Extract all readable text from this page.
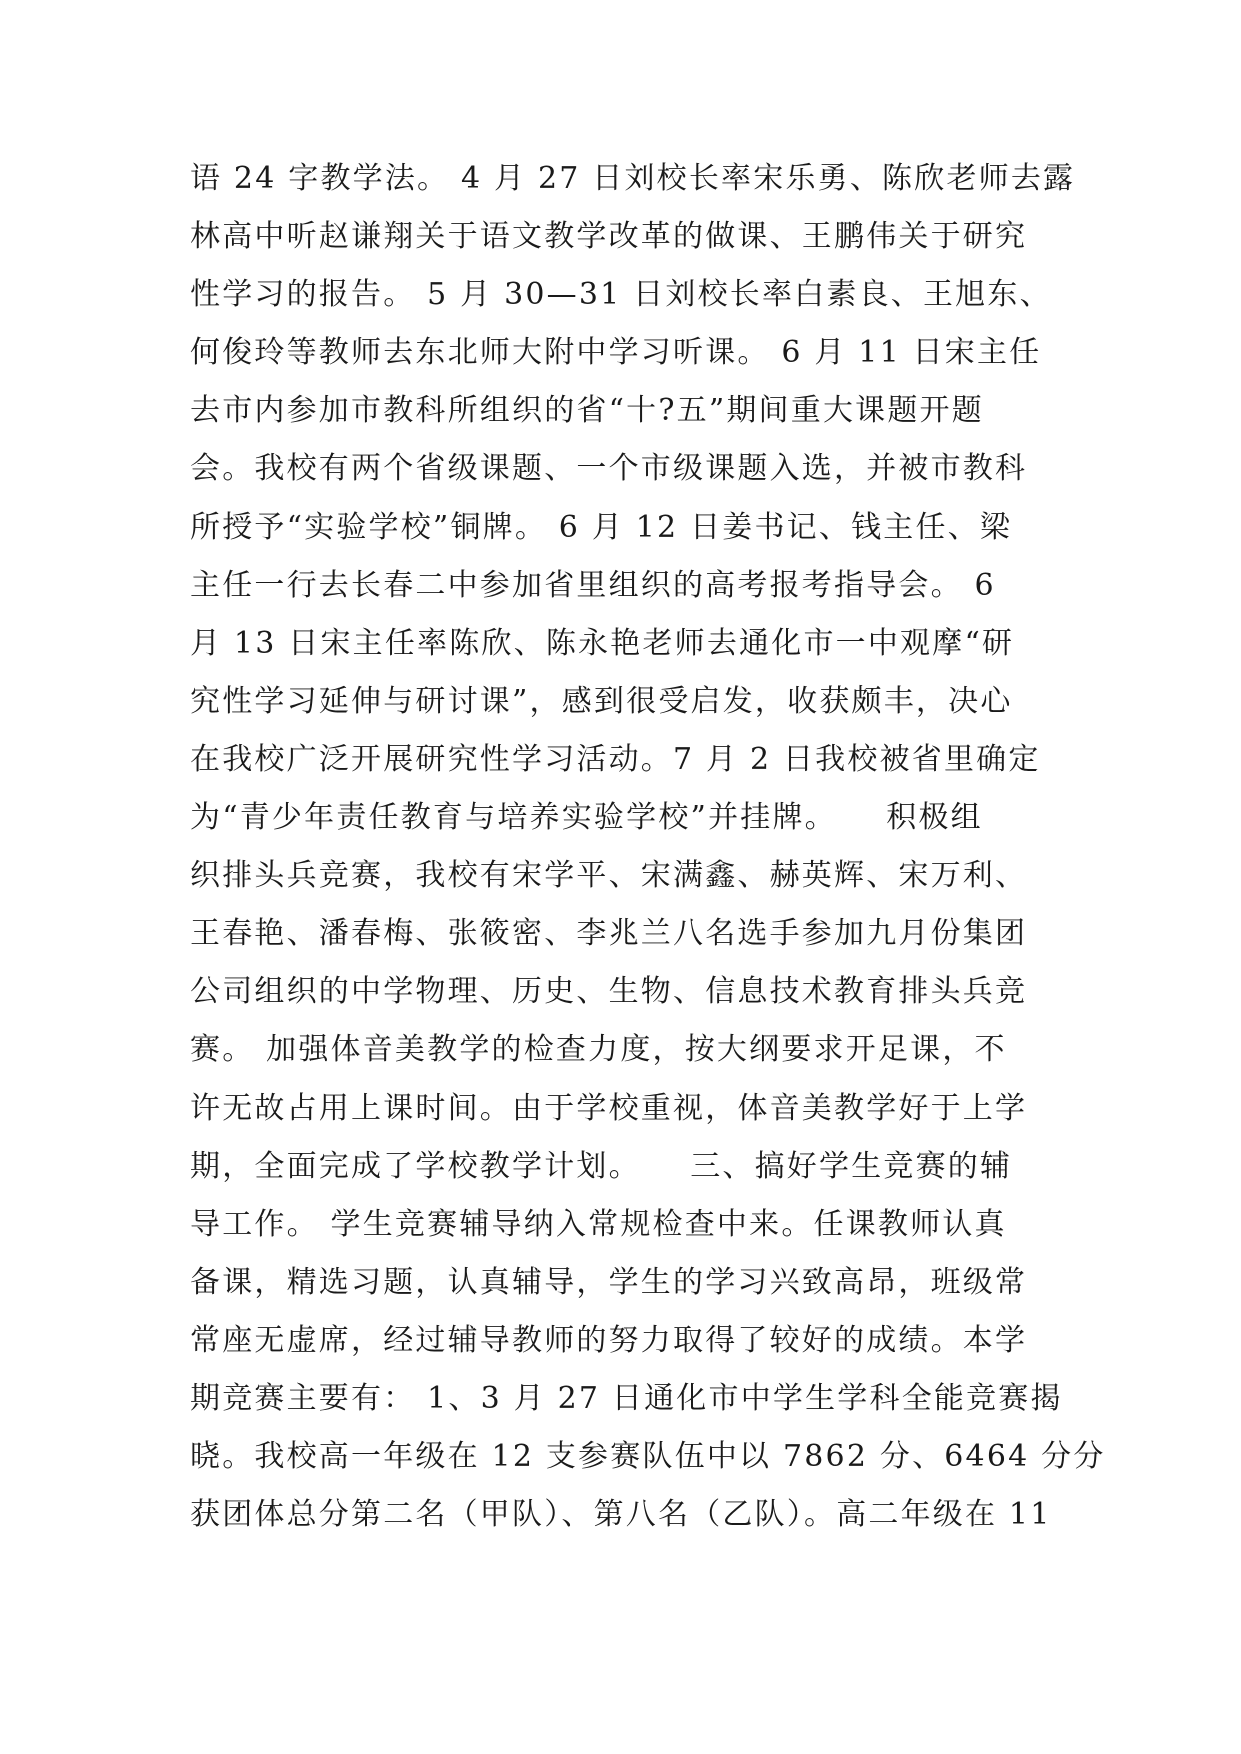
语 24 字教学法。 4 月 27 日刘校长率宋乐勇、陈欣老师去露
林高中听赵谦翔关于语文教学改革的做课、王鹏伟关于研究
性学习的报告。 5 月 30—31 日刘校长率白素良、王旭东、
何俊玲等教师去东北师大附中学习听课。 6 月 11 日宋主任
去市内参加市教科所组织的省“十?五”期间重大课题开题
会。我校有两个省级课题、一个市级课题入选，并被市教科
所授予“实验学校”铜牌。 6 月 12 日姜书记、钱主任、梁
主任一行去长春二中参加省里组织的高考报考指导会。 6
月 13 日宋主任率陈欣、陈永艳老师去通化市一中观摩“研
究性学习延伸与研讨课”，感到很受启发，收获颇丰，决心
在我校广泛开展研究性学习活动。7 月 2 日我校被省里确定
为“青少年责任教育与培养实验学校”并挂牌。　　积极组
织排头兵竞赛，我校有宋学平、宋满鑫、赫英辉、宋万利、
王春艳、潘春梅、张筱密、李兆兰八名选手参加九月份集团
公司组织的中学物理、历史、生物、信息技术教育排头兵竞
赛。 加强体音美教学的检查力度，按大纲要求开足课，不
许无故占用上课时间。由于学校重视，体音美教学好于上学
期，全面完成了学校教学计划。　　三、搞好学生竞赛的辅
导工作。 学生竞赛辅导纳入常规检查中来。任课教师认真
备课，精选习题，认真辅导，学生的学习兴致高昂，班级常
常座无虚席，经过辅导教师的努力取得了较好的成绩。本学
期竞赛主要有： 1、3 月 27 日通化市中学生学科全能竞赛揭
晓。我校高一年级在 12 支参赛队伍中以 7862 分、6464 分分
获团体总分第二名（甲队）、第八名（乙队）。高二年级在 11
